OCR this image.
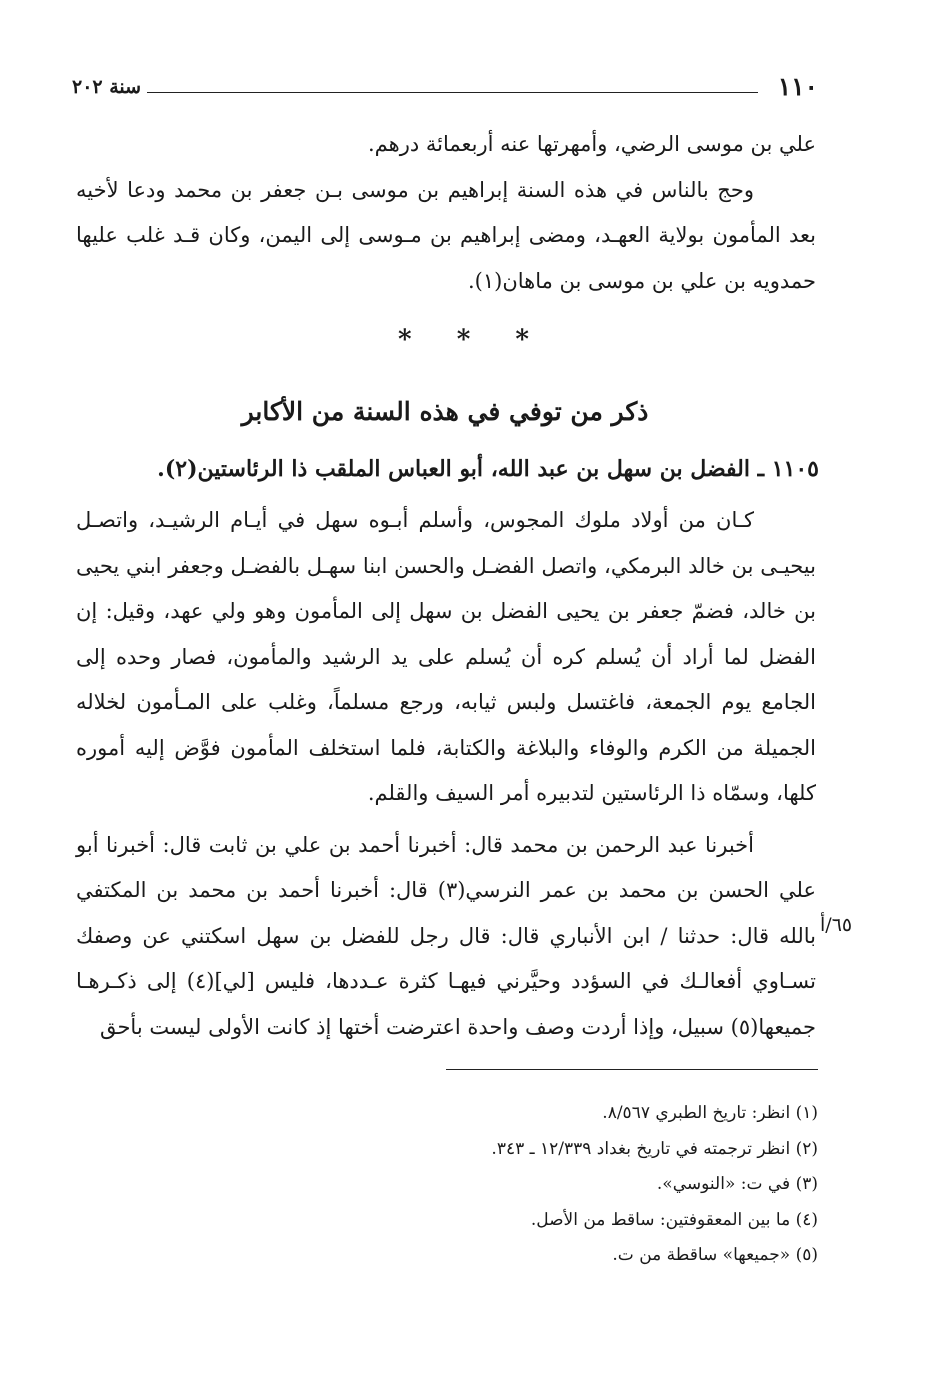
١١٠
سنة ٢٠٢

علي بن موسى الرضي، وأمهرتها عنه أربعمائة درهم.

وحج بالناس في هذه السنة إبراهيم بن موسى بـن جعفر بن محمد ودعا لأخيه بعد المأمون بولاية العهـد، ومضى إبراهيم بن مـوسى إلى اليمن، وكان قـد غلب عليها حمدويه بن علي بن موسى بن ماهان(١).

* * *
ذكر من توفي في هذه السنة من الأكابر
١١٠٥ ـ الفضل بن سهل بن عبد الله، أبو العباس الملقب ذا الرئاستين(٢).

كـان من أولاد ملوك المجوس، وأسلم أبـوه سهل في أيـام الرشيـد، واتصـل بيحيـى بن خالد البرمكي، واتصل الفضـل والحسن ابنا سهـل بالفضـل وجعفر ابني يحيى بن خالد، فضمّ جعفر بن يحيى الفضل بن سهل إلى المأمون وهو ولي عهد، وقيل: إن الفضل لما أراد أن يُسلم كره أن يُسلم على يد الرشيد والمأمون، فصار وحده إلى الجامع يوم الجمعة، فاغتسل ولبس ثيابه، ورجع مسلماً، وغلب على المـأمون لخلاله الجميلة من الكرم والوفاء والبلاغة والكتابة، فلما استخلف المأمون فوَّض إليه أموره كلها، وسمّاه ذا الرئاستين لتدبيره أمر السيف والقلم.

أخبرنا عبد الرحمن بن محمد قال: أخبرنا أحمد بن علي بن ثابت قال: أخبرنا أبو علي الحسن بن محمد بن عمر النرسي(٣) قال: أخبرنا أحمد بن محمد بن المكتفي بالله قال: حدثنا / ابن الأنباري قال: قال رجل للفضل بن سهل اسكتني عن وصفك تسـاوي أفعالـك في السؤدد وحيَّرني فيهـا كثرة عـددها، فليس [لي](٤) إلى ذكـرهـا جميعها(٥) سبيل، وإذا أردت وصف واحدة اعترضت أختها إذ كانت الأولى ليست بأحق

٦٥/أ

(١) انظر: تاريخ الطبري ٨/٥٦٧.

(٢) انظر ترجمته في تاريخ بغداد ١٢/٣٣٩ ـ ٣٤٣.

(٣) في ت: «النوسي».

(٤) ما بين المعقوفتين: ساقط من الأصل.

(٥) «جميعها» ساقطة من ت.
